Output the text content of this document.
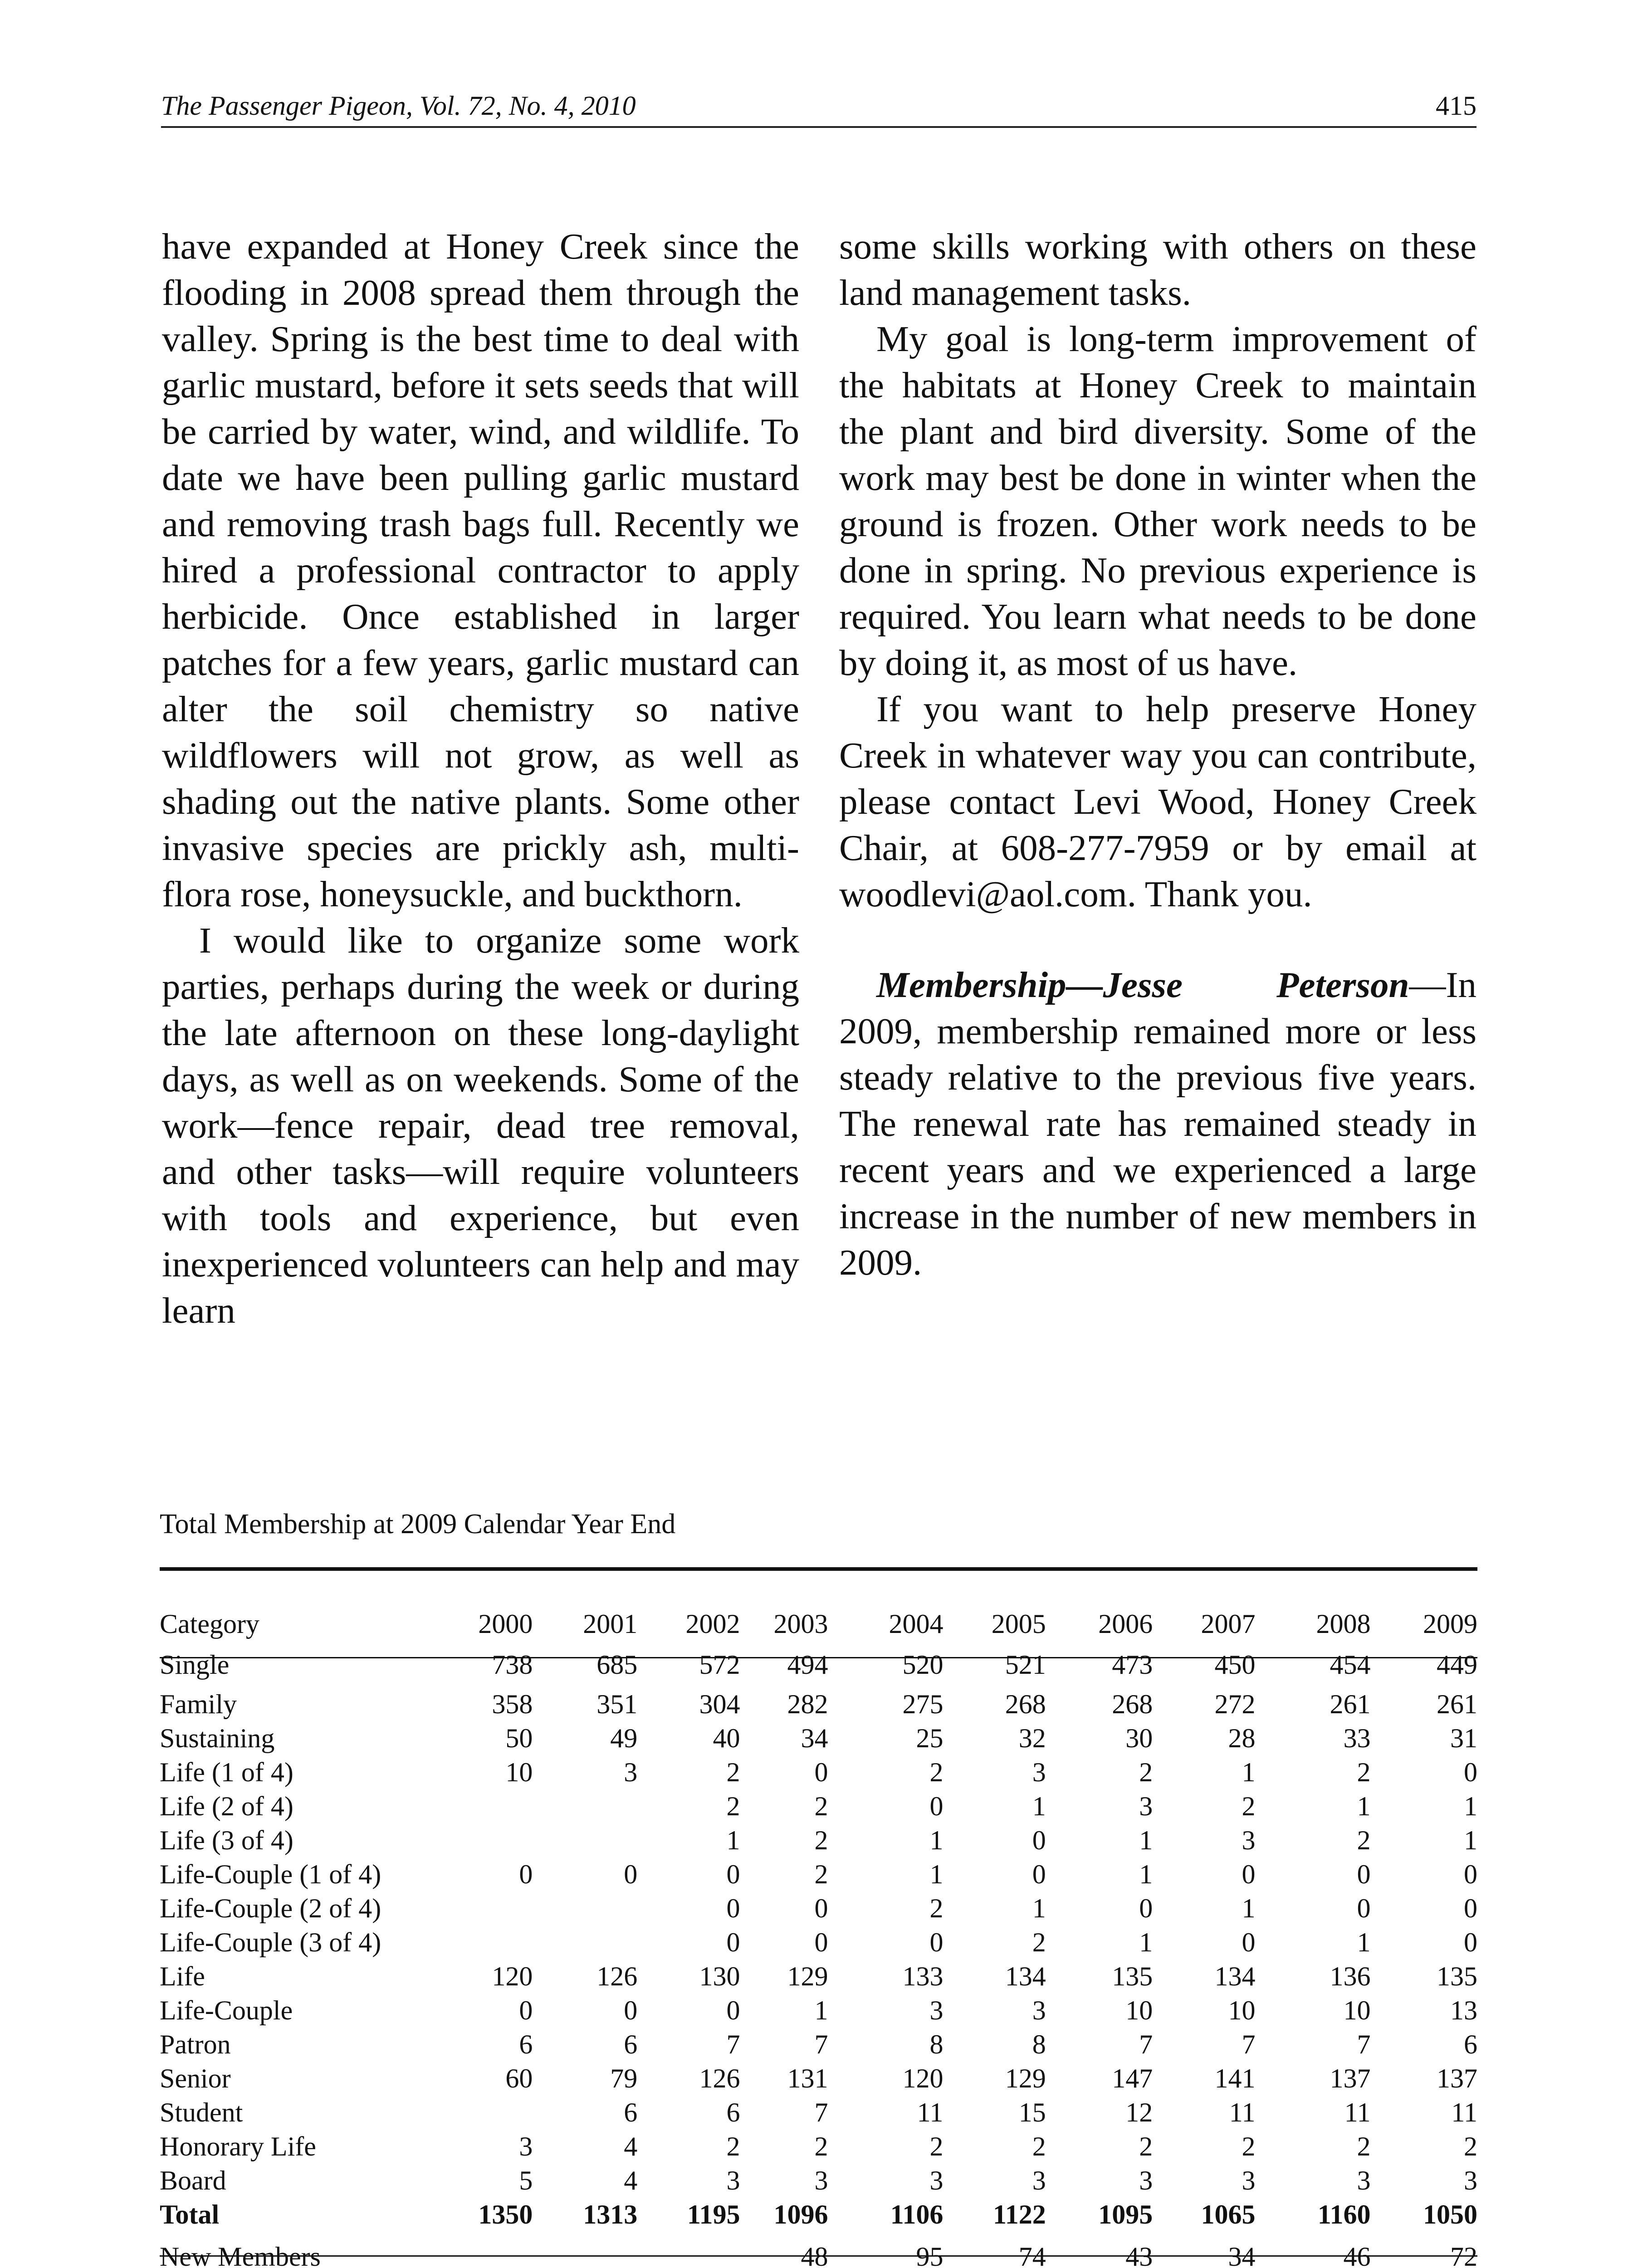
The Passenger Pigeon, Vol. 72, No. 4, 2010	415

have expanded at Honey Creek since the flooding in 2008 spread them through the valley. Spring is the best time to deal with garlic mustard, before it sets seeds that will be carried by water, wind, and wildlife. To date we have been pulling garlic mustard and removing trash bags full. Recently we hired a professional contractor to apply herbicide. Once established in larger patches for a few years, garlic mustard can alter the soil chemistry so native wildflowers will not grow, as well as shading out the native plants. Some other invasive species are prickly ash, multi-flora rose, honeysuckle, and buckthorn.

I would like to organize some work parties, perhaps during the week or during the late afternoon on these long-daylight days, as well as on weekends. Some of the work—fence repair, dead tree removal, and other tasks—will require volunteers with tools and experience, but even inexperienced volunteers can help and may learn

some skills working with others on these land management tasks.

My goal is long-term improvement of the habitats at Honey Creek to maintain the plant and bird diversity. Some of the work may best be done in winter when the ground is frozen. Other work needs to be done in spring. No previous experience is required. You learn what needs to be done by doing it, as most of us have.

If you want to help preserve Honey Creek in whatever way you can contribute, please contact Levi Wood, Honey Creek Chair, at 608-277-7959 or by email at woodlevi@aol.com. Thank you.

Membership—Jesse Peterson—In 2009, membership remained more or less steady relative to the previous five years. The renewal rate has remained steady in recent years and we experienced a large increase in the number of new members in 2009.

Total Membership at 2009 Calendar Year End
Category	2000	2001	2002	2003	2004	2005	2006	2007	2008	2009
Single	738	685	572	494	520	521	473	450	454	449
Family	358	351	304	282	275	268	268	272	261	261
Sustaining	50	49	40	34	25	32	30	28	33	31
Life (1 of 4)	10	3	2	0	2	3	2	1	2	0
Life (2 of 4)			2	2	0	1	3	2	1	1
Life (3 of 4)			1	2	1	0	1	3	2	1
Life-Couple (1 of 4)	0	0	0	2	1	0	1	0	0	0
Life-Couple (2 of 4)			0	0	2	1	0	1	0	0
Life-Couple (3 of 4)			0	0	0	2	1	0	1	0
Life	120	126	130	129	133	134	135	134	136	135
Life-Couple	0	0	0	1	3	3	10	10	10	13
Patron	6	6	7	7	8	8	7	7	7	6
Senior	60	79	126	131	120	129	147	141	137	137
Student		6	6	7	11	15	12	11	11	11
Honorary Life	3	4	2	2	2	2	2	2	2	2
Board	5	4	3	3	3	3	3	3	3	3
Total	1350	1313	1195	1096	1106	1122	1095	1065	1160	1050
New Members				48	95	74	43	34	46	72
